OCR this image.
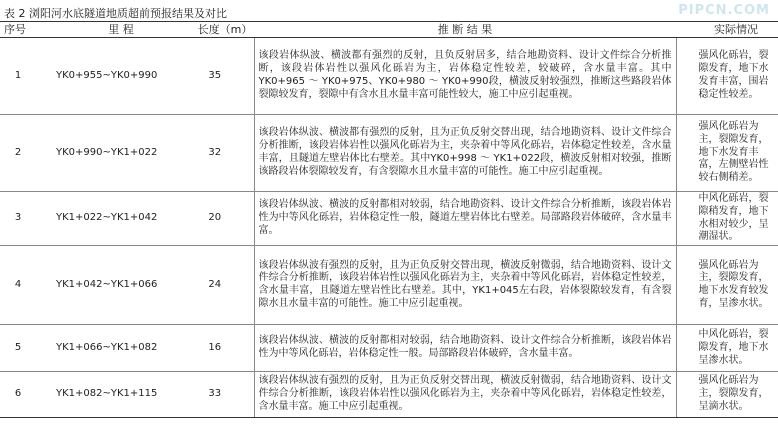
表 2 浏阳河水底隧道地质超前预报结果及对比	PIPCN.COM
序号	里 程	长度（m）	推 断 结 果	实际情况
1	YK0+955~YK0+990	35	该段岩体纵波、横波都有强烈的反射，且负反射居多，结合地勘资料、设计文件综合分析推断，该段岩体岩性以强风化砾岩为主，岩体稳定性较差，较破碎，含水量丰富。其中YK0+965 ～ YK0+975、YK0+980 ～ YK0+990段，横波反射较强烈，推断这些路段岩体裂隙较发育，裂隙中有含水且水量丰富可能性较大，施工中应引起重视。	强风化砾岩，裂隙发育，地下水发育丰富，围岩稳定性较差。
2	YK0+990~YK1+022	32	该段岩体纵波、横波都有强烈的反射，且为正负反射交替出现，结合地勘资料、设计文件综合分析推断，该段岩体岩性以强风化砾岩为主，夹杂着中等风化砾岩，岩体稳定性较差，含水量丰富，且隧道左壁岩体比右壁差。其中YK0+998 ～ YK1+022段，横波反射相对较强，推断该路段岩体裂隙较发育，有含裂隙水且水量丰富的可能性。施工中应引起重视。	强风化砾岩为主，裂隙发育，地下水发育丰富，左侧壁岩性较右侧稍差。
3	YK1+022~YK1+042	20	该段岩体纵波、横波的反射都相对较弱，结合地勘资料、设计文件综合分析推断，该段岩体岩性为中等风化砾岩，岩体稳定性一般，隧道左壁岩体比右壁差。局部路段岩体破碎，含水量丰富。	中风化砾岩，裂隙稍发育，地下水相对较少，呈潮湿状。
4	YK1+042~YK1+066	24	该段岩体纵波有强烈的反射，且为正负反射交替出现，横波反射微弱，结合地勘资料、设计文件综合分析推断，该段岩体岩性以强风化砾岩为主，夹杂着中等风化砾岩，岩体稳定性较差，含水量丰富，且隧道左壁岩性比右壁差。其中，YK1+045左右段，岩体裂隙较发育，有含裂隙水且水量丰富的可能性。施工中应引起重视。	强风化砾岩为主，裂隙发育，地下水发育较发育，呈渗水状。
5	YK1+066~YK1+082	16	该段岩体纵波、横波的反射都相对较弱，结合地勘资料、设计文件综合分析推断，该段岩体岩性为中等风化砾岩，岩体稳定性一般。局部路段岩体破碎，含水量丰富。	中风化砾岩，裂隙发育，地下水呈渗水状。
6	YK1+082~YK1+115	33	该段岩体纵波有强烈的反射，且为正负反射交替出现，横波反射微弱，结合地勘资料、设计文件综合分析推断，该段岩体岩性以强风化砾岩为主，夹杂着中等风化砾岩，岩体稳定性较差，含水量丰富。施工中应引起重视。	强风化砾岩为主，裂隙发育，呈滴水状。
